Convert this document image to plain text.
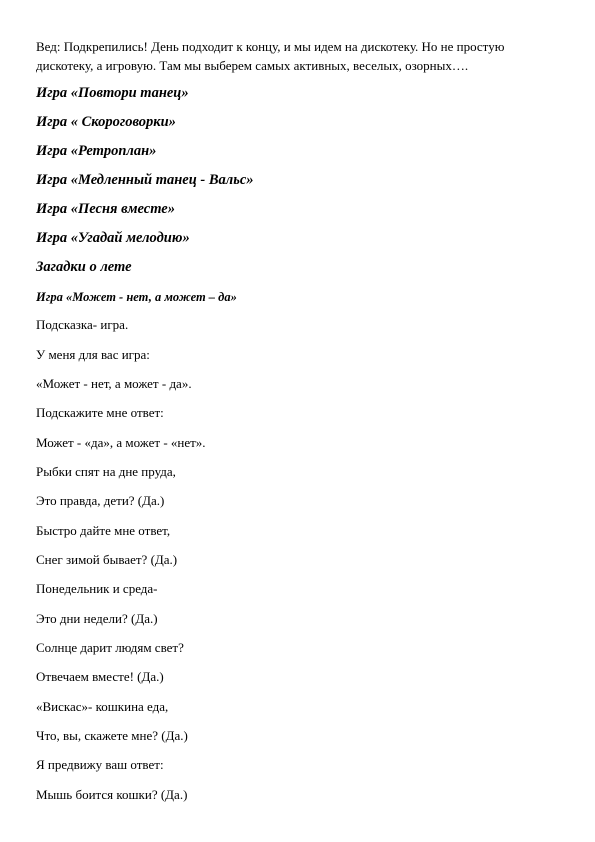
Вед: Подкрепились! День подходит к концу, и мы идем на дискотеку. Но не простую дискотеку, а игровую. Там мы выберем самых активных, веселых, озорных….

Игра «Повтори танец»

Игра « Скороговорки»

Игра «Ретроплан»

Игра «Медленный танец - Вальс»

Игра «Песня вместе»

Игра «Угадай мелодию»

Загадки о лете

Игра «Может - нет, а может – да»

Подсказка- игра.

У меня для вас игра:

«Может - нет, а может - да».

Подскажите мне ответ:

Может - «да», а может - «нет».

Рыбки спят на дне пруда,

Это правда, дети? (Да.)

Быстро дайте мне ответ,

Снег зимой бывает? (Да.)

Понедельник и среда-

Это дни недели? (Да.)

Солнце дарит людям свет?

Отвечаем вместе! (Да.)

«Вискас»- кошкина еда,

Что, вы, скажете мне? (Да.)

Я предвижу ваш ответ:

Мышь боится кошки? (Да.)
